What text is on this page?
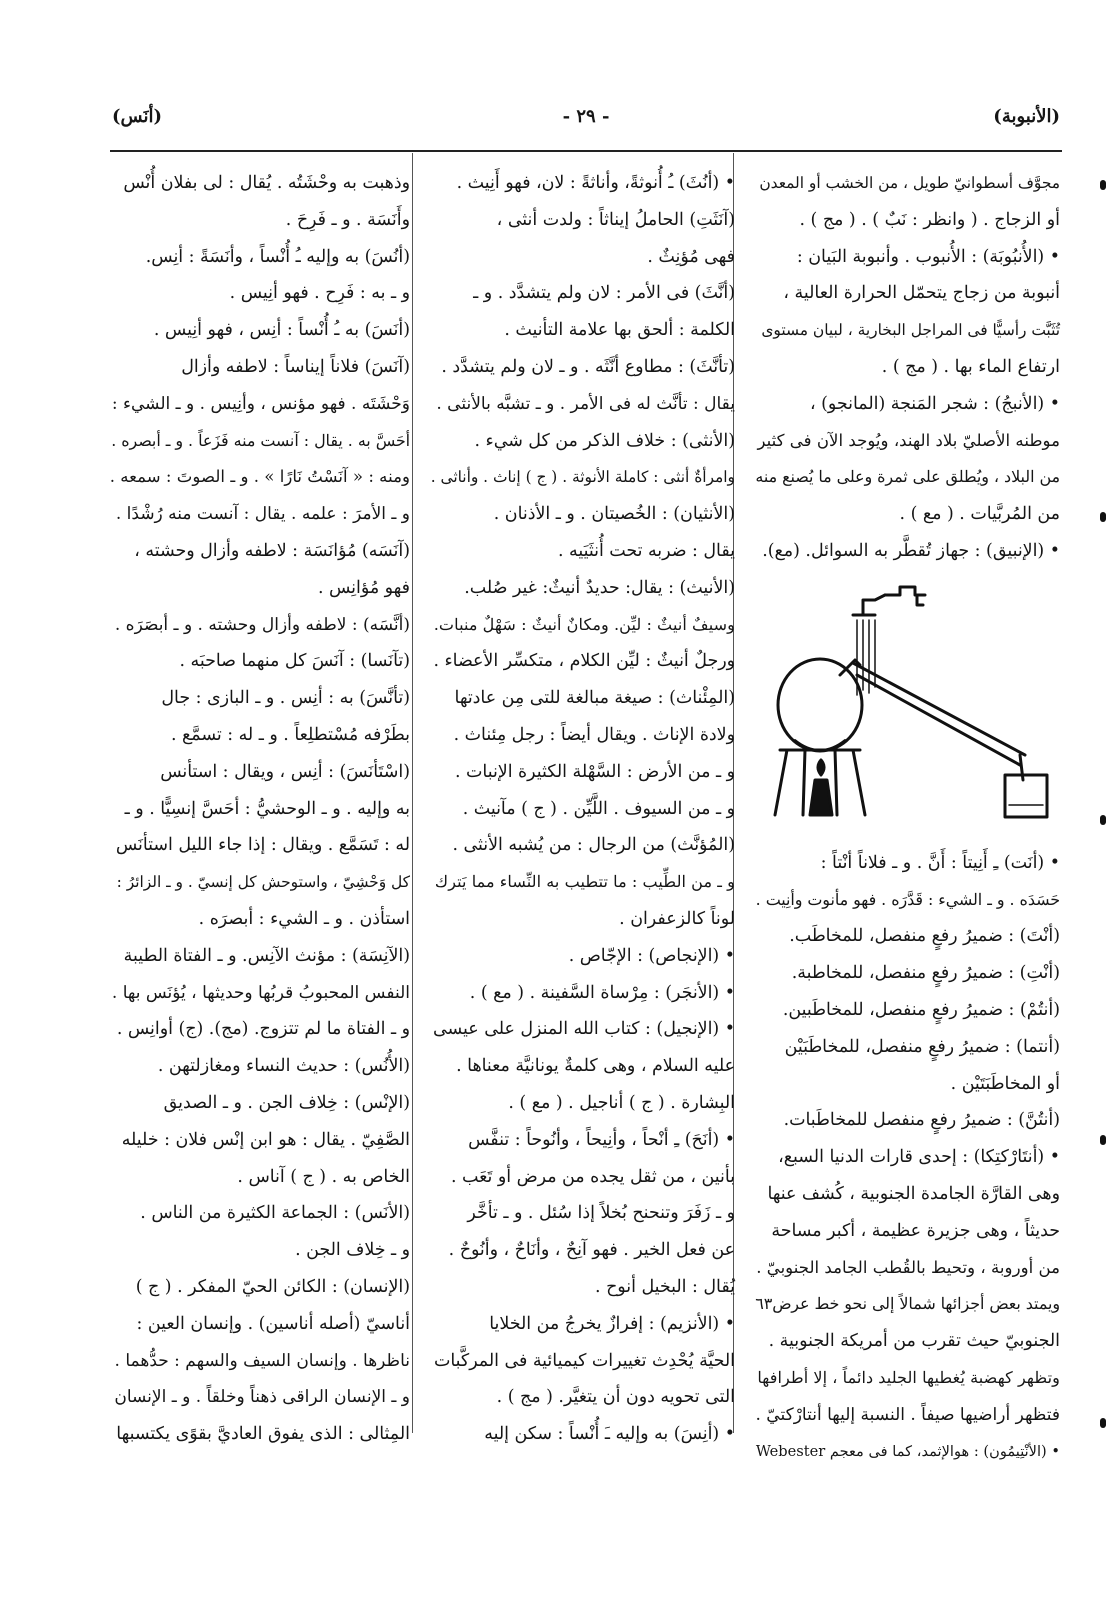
(الأنبوبة)
- ٢٩ -
(أنَس)
مجوَّف أسطوانيّ طويل ، من الخشب أو المعدن
أو الزجاج . ( وانظر : نَبٌ ) . ( مج ) .
• (الأُنبُوبَة) : الأُنبوب . وأنبوبة البَيان :
أنبوبة من زجاج يتحمّل الحرارة العالية ،
تُثَبَّت رأسيًّا فى المراجل البخارية ، لبيان مستوى
ارتفاع الماء بها . ( مج ) .
• (الأنبجُ) : شجر المَنجة (المانجو) ،
موطنه الأصليّ بلاد الهند، ويُوجد الآن فى كثير
من البلاد ، ويُطلق على ثمرة وعلى ما يُصنع منه
من المُربَّيات . ( مع ) .
• (الإنبيق) : جهاز تُقطَّر به السوائل. (مع).
• (أنَت) ـِ أَنِيتاً : أَنَّ . و ـ فلاناً أنْتاً :
حَسَدَه . و ـ الشيء : قَدَّرَه . فهو مأنوت وأنِيت .
(أنْتَ) : ضميرُ رفعٍ منفصل، للمخاطَب.
(أنْتِ) : ضميرُ رفعٍ منفصل، للمخاطبة.
(أنتُمْ) : ضميرُ رفعٍ منفصل، للمخاطَبين.
(أنتما) : ضميرُ رفعٍ منفصل، للمخاطَبَيْن
أو المخاطَبَتَيْن .
(أنتُنَّ) : ضميرُ رفعٍ منفصل للمخاطَبات.
• (أنتَارْكتِكا) : إحدى قارات الدنيا السبع،
وهى القارَّة الجامدة الجنوبية ، كُشف عنها
حديثاً ، وهى جزيرة عظيمة ، أكبر مساحة
من أوروبة ، وتحيط بالقُطب الجامد الجنوبيّ .
ويمتد بعض أجزائها شمالاً إلى نحو خط عرض٦٣
الجنوبيّ حيث تقرب من أمريكة الجنوبية .
وتظهر كهضبة يُغطيها الجليد دائماً ، إلا أطرافها
فتظهر أراضيها صيفاً . النسبة إليها أنتارْكتيّ .
• (الأنْتِيمُون) : هوالإثمد، كما فى معجم Webester
• (أنُثَ) ـُ أُنوثةً، وأناثةً : لان، فهو أَنِيث .
(آنَثَتِ) الحاملُ إيناثاً : ولدت أنثى ،
فهى مُؤنِثٌ .
(أنَّثَ) فى الأمر : لان ولم يتشدَّد . و ـ
الكلمة : ألحق بها علامة التأنيث .
(تأنَّثَ) : مطاوع أنَّثَه . و ـ لان ولم يتشدَّد .
يقال : تأنَّث له فى الأمر . و ـ تشبَّه بالأنثى .
(الأنثى) : خلاف الذكر من كل شيء .
وامرأةٌ أنثى : كاملة الأنوثة . ( ج ) إناث . وأناثى .
(الأنثيان) : الخُصيتان . و ـ الأذنان .
يقال : ضربه تحت أُنثَيَيه .
(الأنيث) : يقال: حديدٌ أنيثٌ: غير صُلب.
وسيفٌ أنيثٌ : ليِّن. ومكانٌ أنيثٌ : سَهْلٌ منبات.
ورجلٌ أنيثٌ : ليِّن الكلام ، متكسِّر الأعضاء .
(المِئْناث) : صيغة مبالغة للتى مِن عادتها
ولادة الإناث . ويقال أيضاً : رجل مِئناث .
و ـ من الأرض : السَّهْلة الكثيرة الإنبات .
و ـ من السيوف . اللَّيِّن . ( ج ) مآنيث .
(المُؤنَّث) من الرجال : من يُشبه الأنثى .
و ـ من الطِّيب : ما تتطيب به النِّساء مما يَترك
لوناً كالزعفران .
• (الإنجاص) : الإجّاص .
• (الأنجَر) : مِرْساة السَّفينة . ( مع ) .
• (الإنجيل) : كتاب الله المنزل على عيسى
عليه السلام ، وهى كلمةٌ يونانيَّة معناها .
البِشارة . ( ج ) أناجيل . ( مع ) .
• (أنَحَ) ـِ أنْحاً ، وأنِيحاً ، وأنُوحاً : تنفَّس
بأنين ، من ثقل يجده من مرض أو تَعَب .
و ـ زَفَرَ وتنحنح بُخلاً إذا سُئل . و ـ تأخَّر
عن فعل الخير . فهو آنِحٌ ، وأنَاحٌ ، وأنُوحٌ .
يُقال : البخيل أنوح .
• (الأنزيم) : إفرازٌ يخرجُ من الخلايا
الحيَّة يُحْدِث تغييرات كيميائية فى المركَّبات
التى تحويه دون أن يتغيَّر. ( مج ) .
• (أنِسَ) به وإليه ـَ أُنْساً : سكن إليه
وذهبت به وحْشَتُه . يُقال : لى بفلان أُنْس
وأَنَسَة . و ـ فَرِحَ .
(أنُسَ) به وإليه ـُ أُنْساً ، وأنَسَةً : أنِس.
و ـ به : فَرِح . فهو أنِيس .
(أنَسَ) به ـُ أُنْساً : أنِس ، فهو أنِيس .
(آنَسَ) فلاناً إيناساً : لاطفه وأزال
وَحْشَتَه . فهو مؤنس ، وأنِيس . و ـ الشيء :
أحَسَّ به . يقال : آنست منه فَزَعاً . و ـ أبصره .
ومنه : « آنَسْتُ نَارًا » . و ـ الصوتَ : سمعه .
و ـ الأمرَ : علمه . يقال : آنست منه رُشْدًا .
(آنَسَه) مُؤانَسَة : لاطفه وأزال وحشته ،
فهو مُؤانِس .
(أنَّسَه) : لاطفه وأزال وحشته . و ـ أبصَرَه .
(تآنَسا) : آنَسَ كل منهما صاحبَه .
(تأنَّسَ) به : أنِس . و ـ البازى : جال
بطَرْفه مُسْتطلِعاً . و ـ له : تسمَّع .
(اسْتَأنَسَ) : أنِس ، ويقال : استأنس
به وإليه . و ـ الوحشيُّ : أحَسَّ إنسِيًّا . و ـ
له : تَسَمَّع . ويقال : إذا جاء الليل استأنَس
كل وَحْشِيّ ، واستوحش كل إنسيّ . و ـ الزائرُ :
استأذن . و ـ الشيء : أبصرَه .
(الآنِسَة) : مؤنث الآنِس. و ـ الفتاة الطيبة
النفس المحبوبُ قربُها وحديثها ، يُؤنَس بها .
و ـ الفتاة ما لم تتزوج. (مج). (ج) أوانِس .
(الأُنُس) : حديث النساء ومغازلتهن .
(الإنْس) : خِلاف الجن . و ـ الصديق
الصَّفِيّ . يقال : هو ابن إنْس فلان : خليله
الخاص به . ( ج ) آناس .
(الأنَس) : الجماعة الكثيرة من الناس .
و ـ خِلاف الجن .
(الإنسان) : الكائن الحيّ المفكر . ( ج )
أناسيّ (أصله أناسين) . وإنسان العين :
ناظرها . وإنسان السيف والسهم : حدُّهما .
و ـ الإنسان الراقى ذهناً وخلقاً . و ـ الإنسان
المِثالى : الذى يفوق العاديَّ بقوًى يكتسبها
